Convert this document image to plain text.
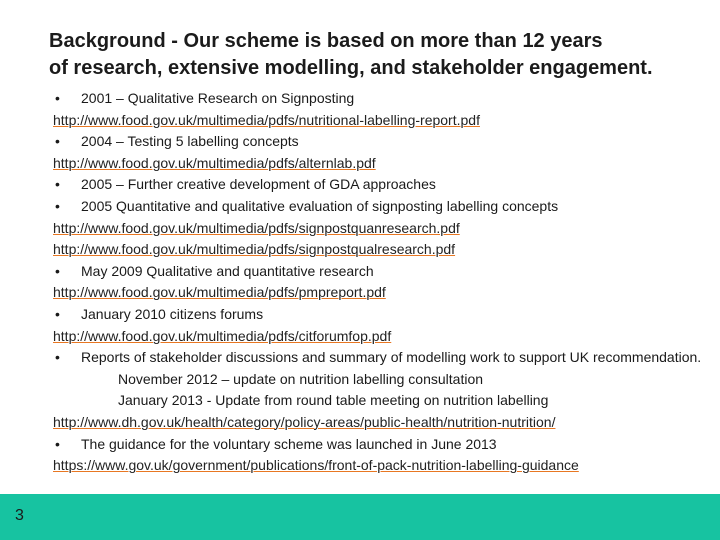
Background - Our scheme is based on more than 12 years
of research, extensive modelling, and stakeholder engagement.
• 2001 – Qualitative Research on Signposting
http://www.food.gov.uk/multimedia/pdfs/nutritional-labelling-report.pdf
• 2004 – Testing 5 labelling concepts
http://www.food.gov.uk/multimedia/pdfs/alternlab.pdf
• 2005 – Further creative development of GDA approaches
• 2005 Quantitative and qualitative evaluation of signposting labelling concepts
http://www.food.gov.uk/multimedia/pdfs/signpostquanresearch.pdf
http://www.food.gov.uk/multimedia/pdfs/signpostqualresearch.pdf
• May 2009 Qualitative and quantitative research
http://www.food.gov.uk/multimedia/pdfs/pmpreport.pdf
• January 2010 citizens forums
http://www.food.gov.uk/multimedia/pdfs/citforumfop.pdf
• Reports of stakeholder discussions and summary of modelling work to support UK recommendation.
November 2012 – update on nutrition labelling consultation
January 2013 - Update from round table meeting on nutrition labelling
http://www.dh.gov.uk/health/category/policy-areas/public-health/nutrition-nutrition/
• The guidance for the voluntary scheme was launched in June 2013
https://www.gov.uk/government/publications/front-of-pack-nutrition-labelling-guidance
3
